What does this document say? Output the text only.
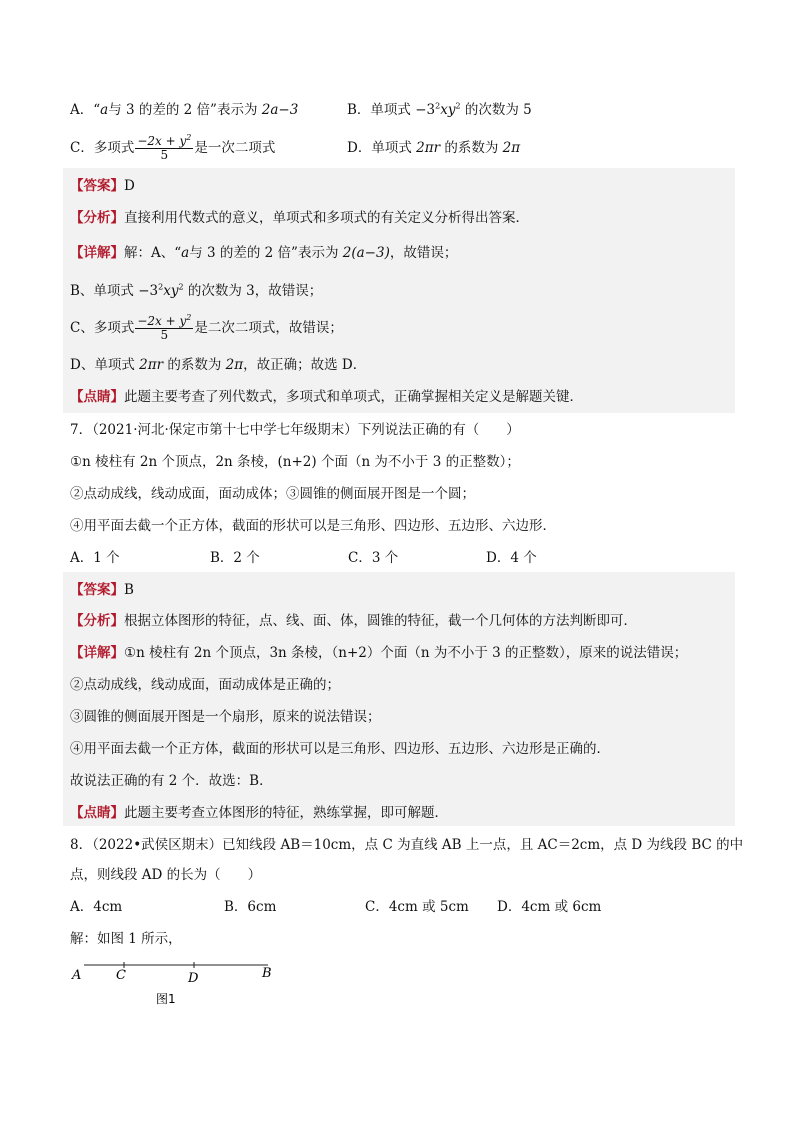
A．“a与 3 的差的 2 倍”表示为 2a−3	B．单项式 $-3^2xy^2$ 的次数为 5
C．多项式 $\frac{-2x + y^2}{5}$ 是一次二项式	D．单项式 2πr 的系数为 2π
【答案】D
【分析】直接利用代数式的意义，单项式和多项式的有关定义分析得出答案．
【详解】解：A、“a与 3 的差的 2 倍”表示为 2(a−3)，故错误；
B、单项式 $-3^2xy^2$ 的次数为 3，故错误；
C、多项式 $\frac{-2x + y^2}{5}$ 是二次二项式，故错误；
D、单项式 2πr 的系数为 2π，故正确；故选 D．
【点睛】此题主要考查了列代数式，多项式和单项式，正确掌握相关定义是解题关键．
7．（2021·河北·保定市第十七中学七年级期末）下列说法正确的有（　　）
①n 棱柱有 2n 个顶点，2n 条棱，(n+2) 个面（n 为不小于 3 的正整数）；
②点动成线，线动成面，面动成体；③圆锥的侧面展开图是一个圆；
④用平面去截一个正方体，截面的形状可以是三角形、四边形、五边形、六边形．
A．1 个	B．2 个	C．3 个	D．4 个
【答案】B
【分析】根据立体图形的特征，点、线、面、体，圆锥的特征，截一个几何体的方法判断即可．
【详解】①n 棱柱有 2n 个顶点，3n 条棱，（n+2）个面（n 为不小于 3 的正整数），原来的说法错误；
②点动成线，线动成面，面动成体是正确的；
③圆锥的侧面展开图是一个扇形，原来的说法错误；
④用平面去截一个正方体，截面的形状可以是三角形、四边形、五边形、六边形是正确的．
故说法正确的有 2 个．故选：B．
【点睛】此题主要考查立体图形的特征，熟练掌握，即可解题．
8．（2022•武侯区期末）已知线段 AB＝10cm，点 C 为直线 AB 上一点，且 AC＝2cm，点 D 为线段 BC 的中
点，则线段 AD 的长为（　　）
A．4cm	B．6cm	C．4cm 或 5cm D．4cm 或 6cm
解：如图 1 所示，
A	C	D	B
图1
